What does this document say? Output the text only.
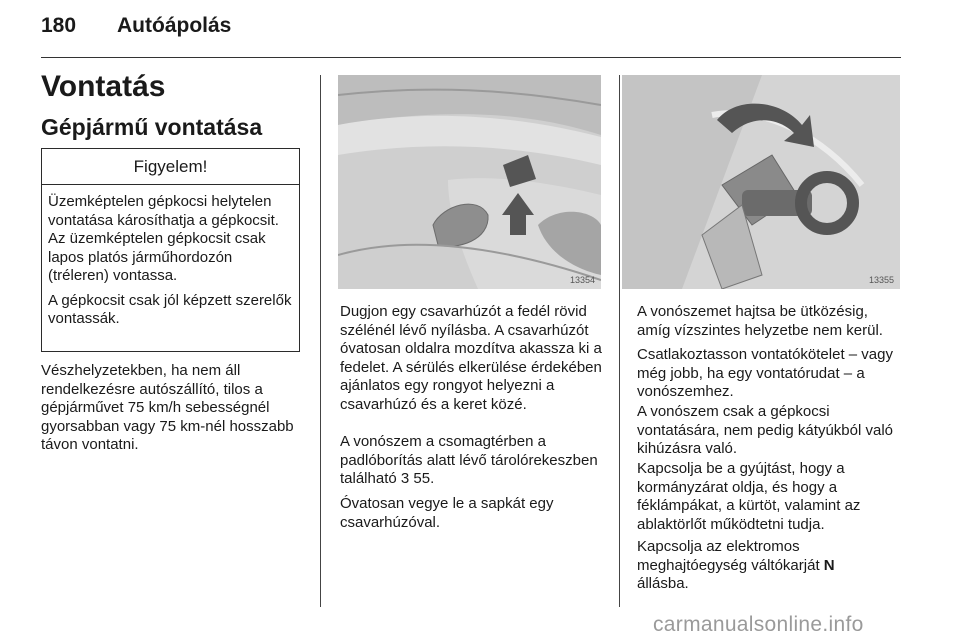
180 Autóápolás
Vontatás
Gépjármű vontatása
Figyelem!

Üzemképtelen gépkocsi helytelen vontatása károsíthatja a gépkocsit. Az üzemképtelen gépkocsit csak lapos platós járműhordozón (tréleren) vontassa.

A gépkocsit csak jól képzett szerelők vontassák.

Vészhelyzetekben, ha nem áll rendelkezésre autószállító, tilos a gépjárművet 75 km/h sebességnél gyorsabban vagy 75 km-nél hosszabb távon vontatni.

13354

Dugjon egy csavarhúzót a fedél rövid szélénél lévő nyílásba. A csavarhúzót óvatosan oldalra mozdítva akassza ki a fedelet. A sérülés elkerülése érdekében ajánlatos egy rongyot helyezni a csavarhúzó és a keret közé.

A vonószem a csomagtérben a padlóborítás alatt lévő tárolórekeszben található 3 55.

Óvatosan vegye le a sapkát egy csavarhúzóval.

13355

A vonószemet hajtsa be ütközésig, amíg vízszintes helyzetbe nem kerül.

Csatlakoztasson vontatókötelet – vagy még jobb, ha egy vontatórudat – a vonószemhez.

A vonószem csak a gépkocsi vontatására, nem pedig kátyúkból való kihúzásra való.

Kapcsolja be a gyújtást, hogy a kormányzárat oldja, és hogy a féklámpákat, a kürtöt, valamint az ablaktörlőt működtetni tudja.

Kapcsolja az elektromos meghajtóegység váltókarját N állásba.

carmanualsonline.info
